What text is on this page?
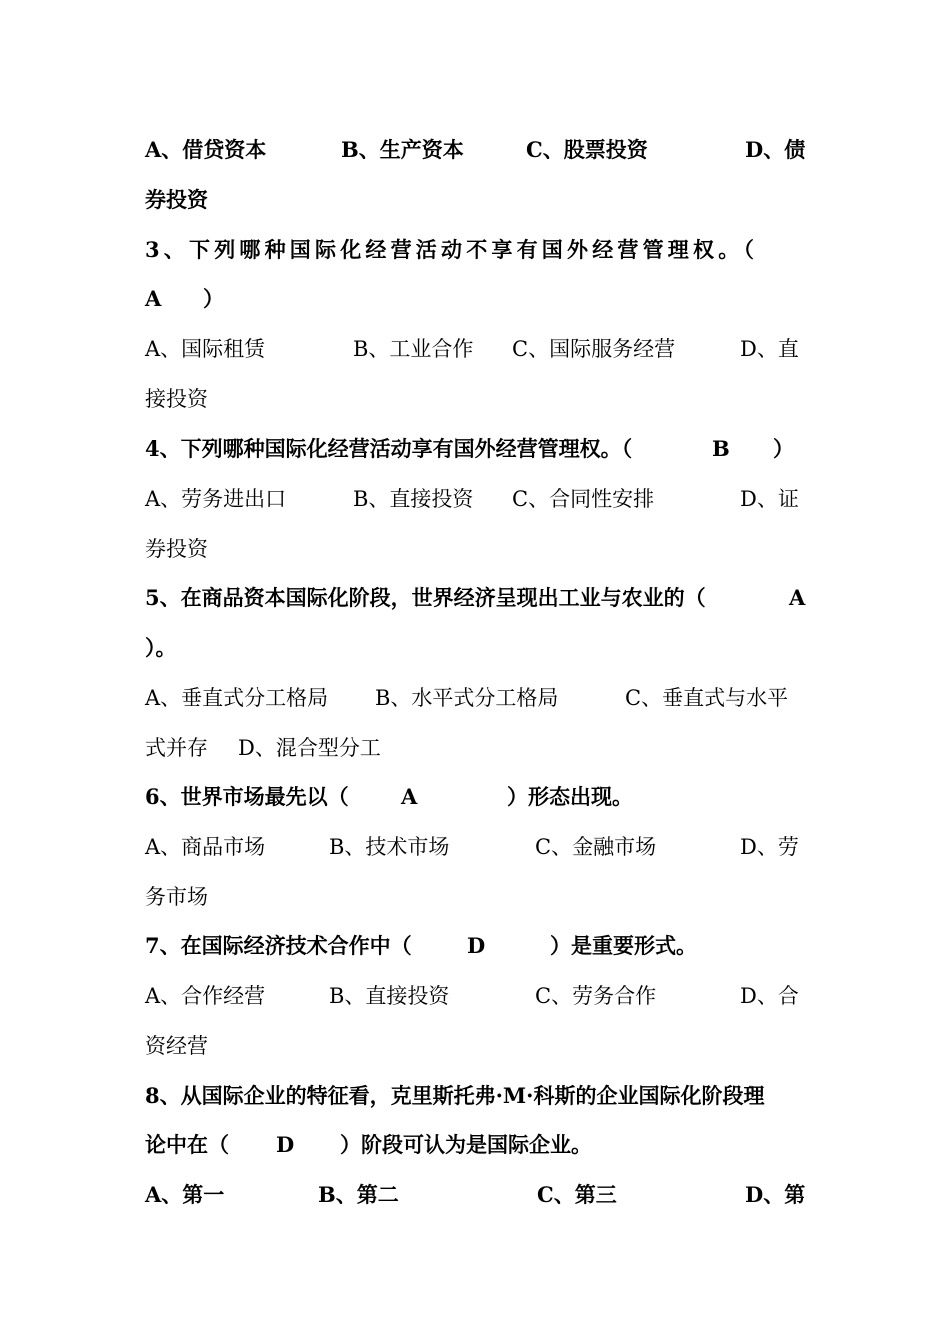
A、借贷资本	B、生产资本	C、股票投资	D、债
券投资
3、下列哪种国际化经营活动不享有国外经营管理权。（
A ）
A、国际租赁	B、工业合作 C、国际服务经营	D、直
接投资
4、下列哪种国际化经营活动享有国外经营管理权。（	B ）
A、劳务进出口	B、直接投资 C、合同性安排	D、证
券投资
5、在商品资本国际化阶段，世界经济呈现出工业与农业的（	A
）。
A、垂直式分工格局 B、水平式分工格局	C、垂直式与水平
式并存 D、混合型分工
6、世界市场最先以（ A	）形态出现。
A、商品市场	B、技术市场	C、金融市场	D、劳
务市场
7、在国际经济技术合作中（	D	）是重要形式。
A、合作经营	B、直接投资	C、劳务合作	D、合
资经营
8、从国际企业的特征看，克里斯托弗·M·科斯的企业国际化阶段理
论中在（ D ）阶段可认为是国际企业。
A、第一	B、第二	C、第三	D、第
